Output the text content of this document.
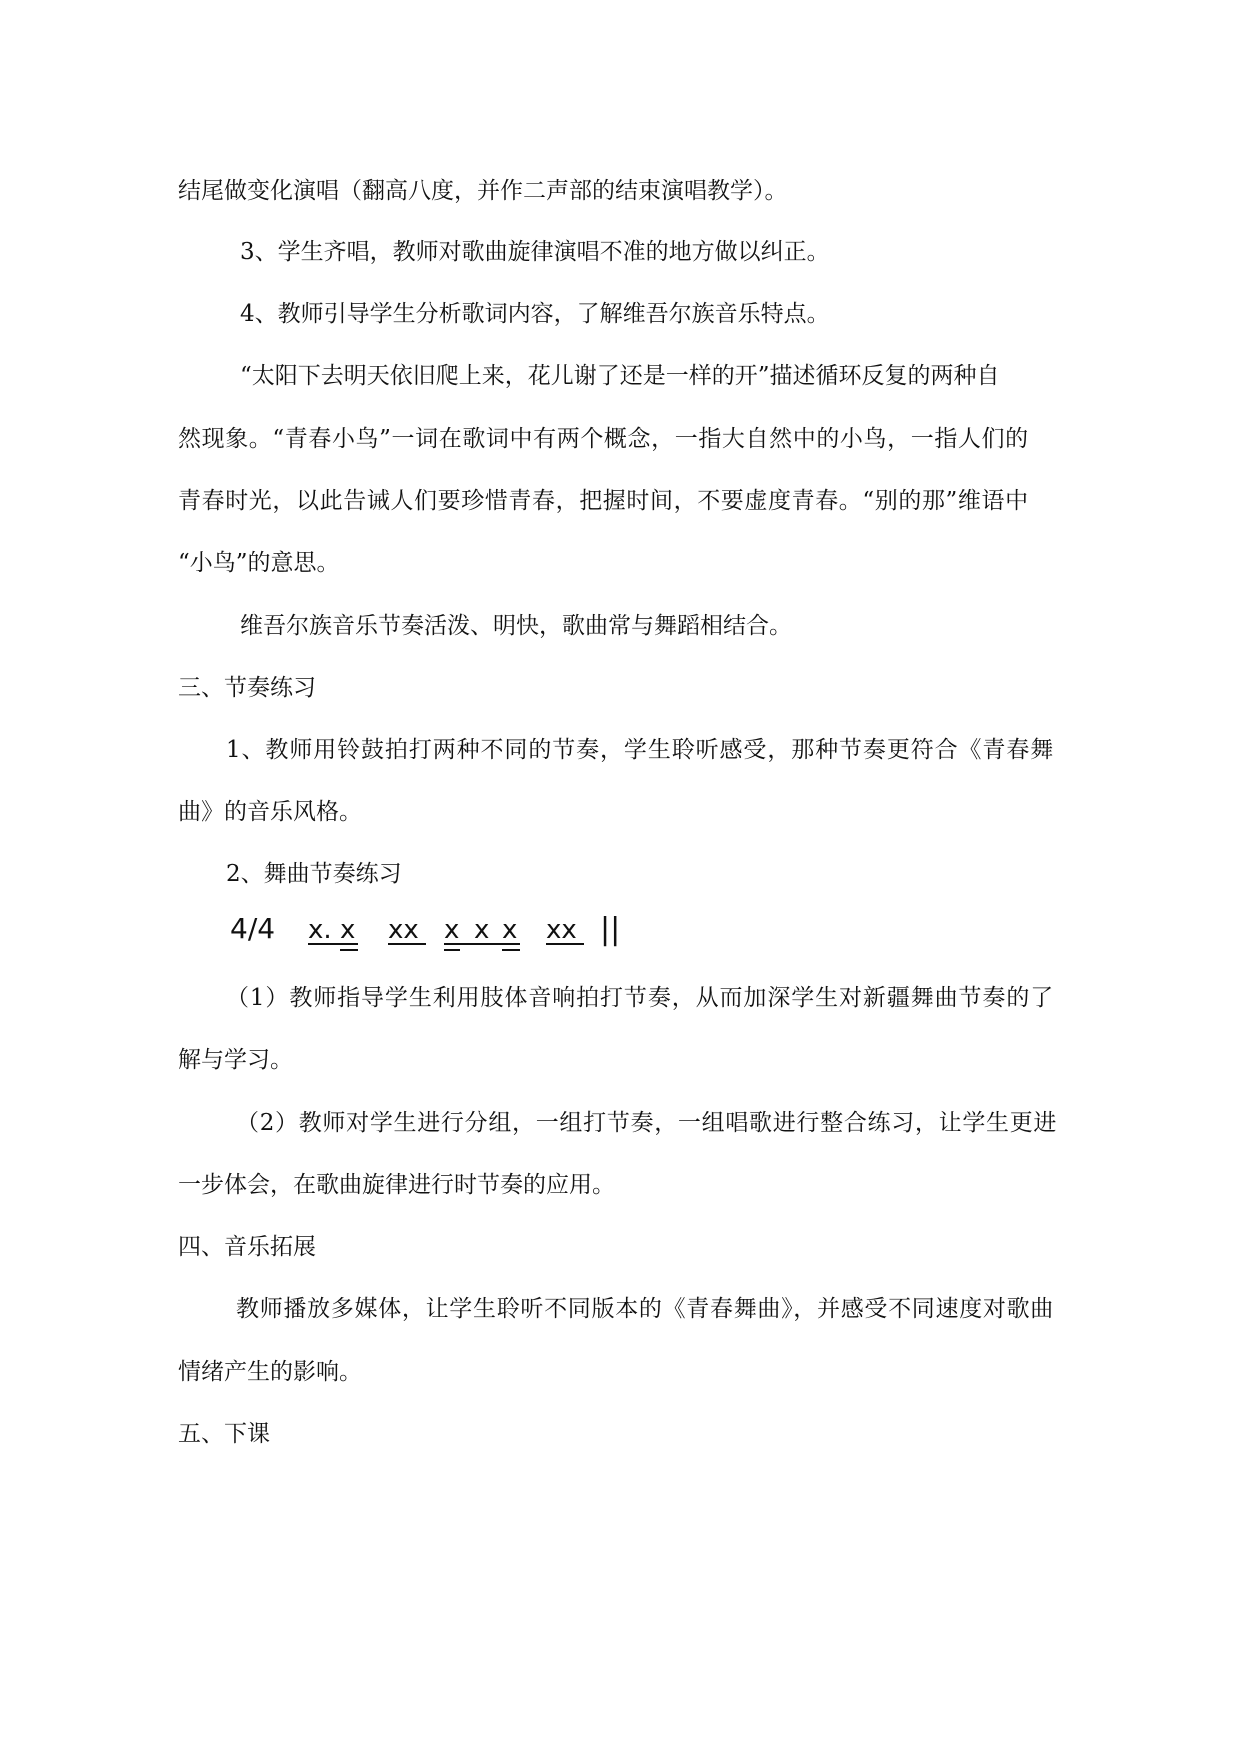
结尾做变化演唱（翻高八度，并作二声部的结束演唱教学）。
3、学生齐唱，教师对歌曲旋律演唱不准的地方做以纠正。
4、教师引导学生分析歌词内容，了解维吾尔族音乐特点。
“太阳下去明天依旧爬上来，花儿谢了还是一样的开”描述循环反复的两种自
然现象。“青春小鸟”一词在歌词中有两个概念，一指大自然中的小鸟，一指人们的
青春时光，以此告诫人们要珍惜青春，把握时间，不要虚度青春。“别的那”维语中
“小鸟”的意思。
维吾尔族音乐节奏活泼、明快，歌曲常与舞蹈相结合。
三、节奏练习
1、教师用铃鼓拍打两种不同的节奏，学生聆听感受，那种节奏更符合《青春舞
曲》的音乐风格。
2、舞曲节奏练习
4/4 x. x xx x x x xx ||
（1）教师指导学生利用肢体音响拍打节奏，从而加深学生对新疆舞曲节奏的了
解与学习。
（2）教师对学生进行分组，一组打节奏，一组唱歌进行整合练习，让学生更进
一步体会，在歌曲旋律进行时节奏的应用。
四、音乐拓展
教师播放多媒体，让学生聆听不同版本的《青春舞曲》，并感受不同速度对歌曲
情绪产生的影响。
五、下课
